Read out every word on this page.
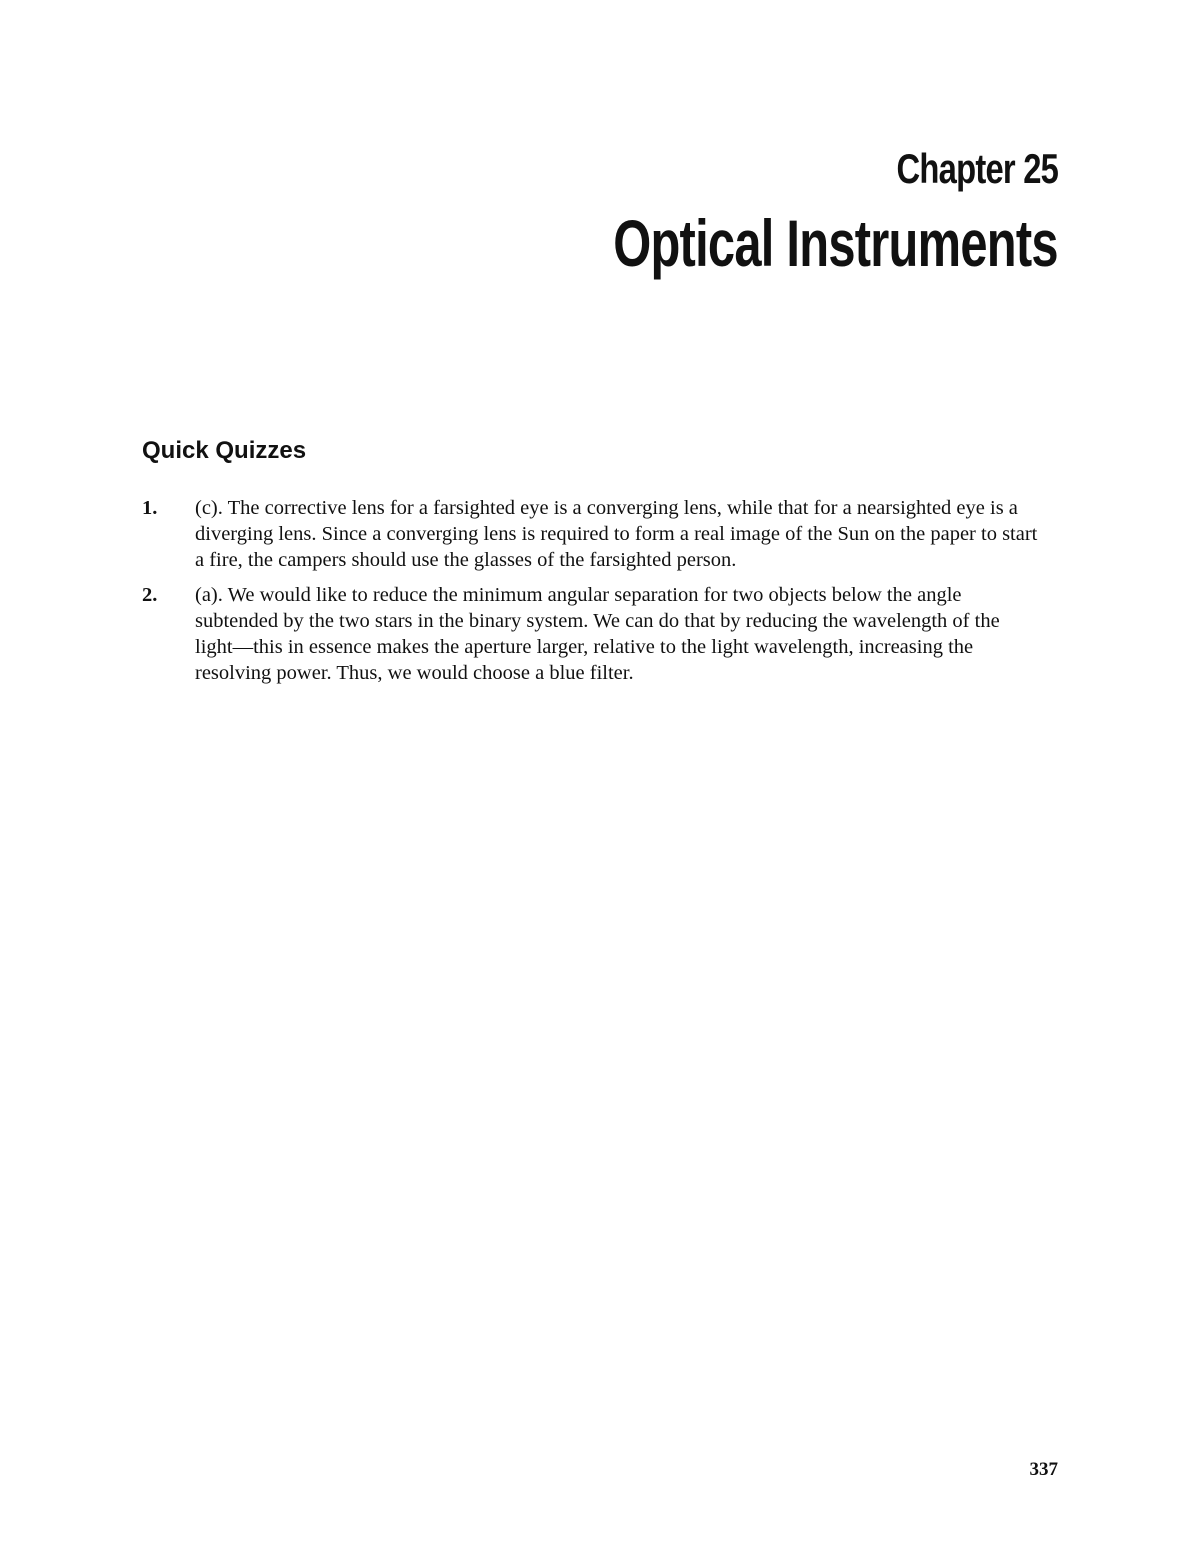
Chapter 25
Optical Instruments
Quick Quizzes
1. (c). The corrective lens for a farsighted eye is a converging lens, while that for a nearsighted eye is a diverging lens. Since a converging lens is required to form a real image of the Sun on the paper to start a fire, the campers should use the glasses of the farsighted person.
2. (a). We would like to reduce the minimum angular separation for two objects below the angle subtended by the two stars in the binary system. We can do that by reducing the wavelength of the light—this in essence makes the aperture larger, relative to the light wavelength, increasing the resolving power. Thus, we would choose a blue filter.
337
